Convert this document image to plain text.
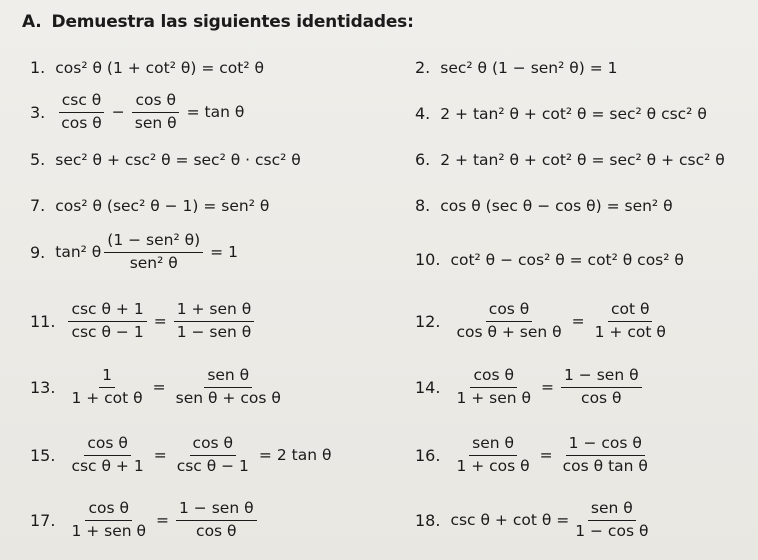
A. Demuestra las siguientes identidades:
1. cos² θ (1 + cot² θ) = cot² θ	2. sec² θ (1 − sen² θ) = 1
3. $\frac{\text{csc θ}}{\text{cos θ}} - \frac{\text{cos θ}}{\text{sen θ}} = \tan \theta$	4. 2 + tan² θ + cot² θ = sec² θ csc² θ
5. sec² θ + csc² θ = sec² θ · csc² θ	6. 2 + tan² θ + cot² θ = sec² θ + csc² θ
7. cos² θ (sec² θ − 1) = sen² θ	8. cos θ (sec θ − cos θ) = sen² θ
9. tan² θ $\frac{\text{(1 − sen² θ)}}{\text{sen² θ}} = 1$	10. cot² θ − cos² θ = cot² θ cos² θ
11. $\frac{\text{csc θ + 1}}{\text{csc θ − 1}} = \frac{\text{1 + sen θ}}{\text{1 − sen θ}}$	12. $\frac{\text{cos θ}}{\text{cos θ + sen θ}} = \frac{\text{cot θ}}{\text{1 + cot θ}}$
13. $\frac{1}{\text{1 + cot θ}} = \frac{\text{sen θ}}{\text{sen θ + cos θ}}$	14. $\frac{\text{cos θ}}{\text{1 + sen θ}} = \frac{\text{1 − sen θ}}{\text{cos θ}}$
15. $\frac{\text{cos θ}}{\text{csc θ + 1}} = \frac{\text{cos θ}}{\text{csc θ − 1}} = 2$ tan θ	16. $\frac{\text{sen θ}}{\text{1 + cos θ}} = \frac{\text{1 − cos θ}}{\text{cos θ tan θ}}$
17. $\frac{\text{cos θ}}{\text{1 + sen θ}} = \frac{\text{1 − sen θ}}{\text{cos θ}}$	18. $\csc \theta + \cot \theta = \frac{\text{sen θ}}{\text{1 − cos θ}}$
